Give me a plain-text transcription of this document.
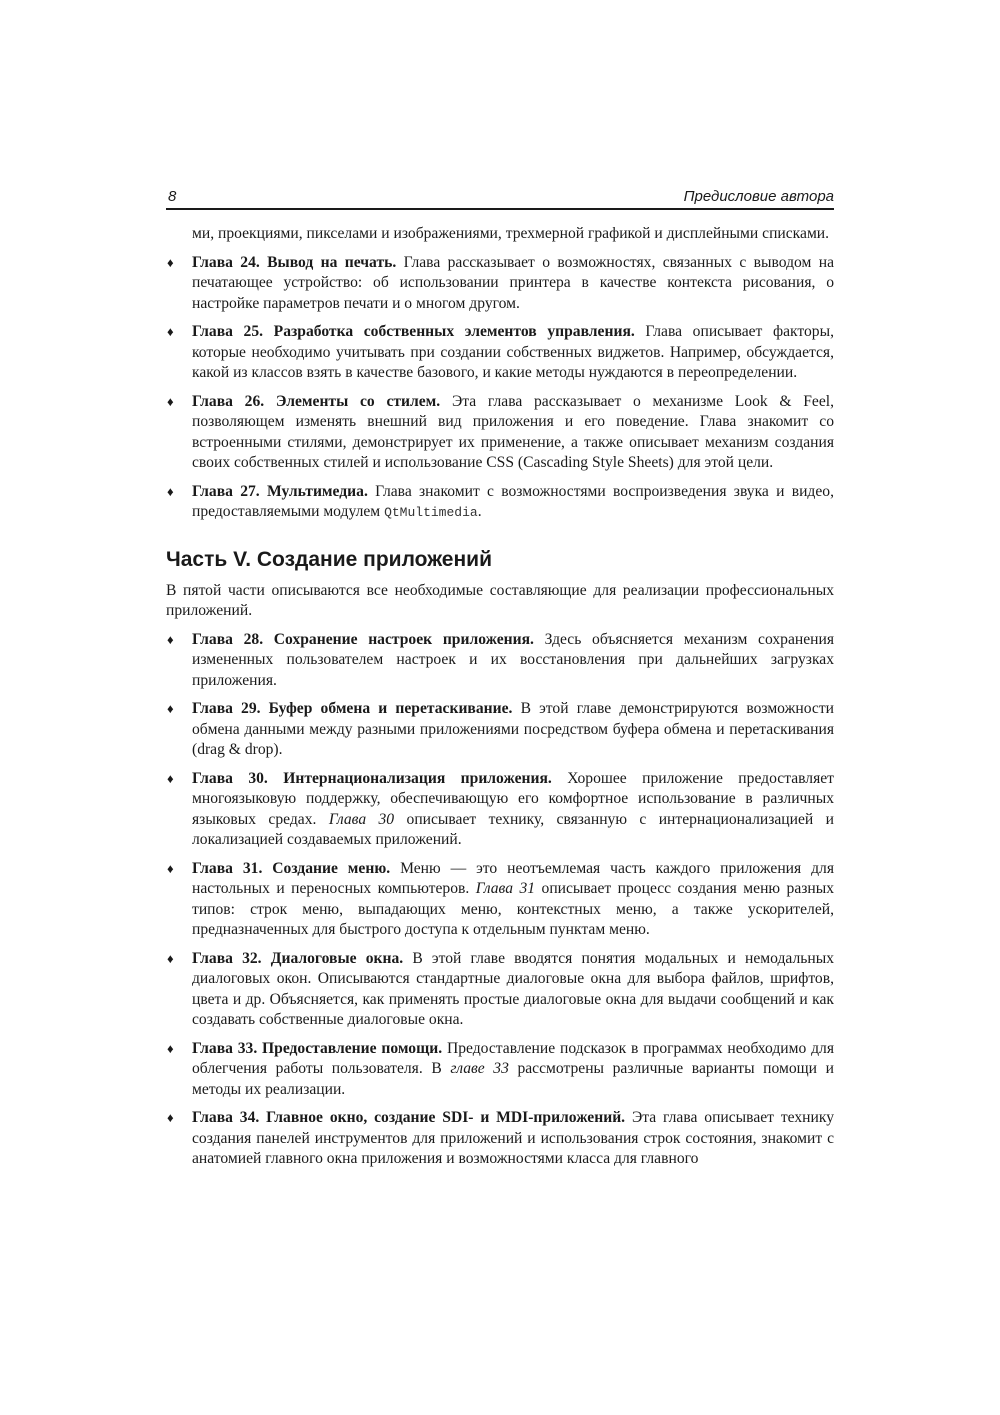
8	Предисловие автора

ми, проекциями, пикселами и изображениями, трехмерной графикой и дисплейными списками.

♦ Глава 24. Вывод на печать. Глава рассказывает о возможностях, связанных с выводом на печатающее устройство: об использовании принтера в качестве контекста рисования, о настройке параметров печати и о многом другом.

♦ Глава 25. Разработка собственных элементов управления. Глава описывает факторы, которые необходимо учитывать при создании собственных виджетов. Например, обсуждается, какой из классов взять в качестве базового, и какие методы нуждаются в переопределении.

♦ Глава 26. Элементы со стилем. Эта глава рассказывает о механизме Look & Feel, позволяющем изменять внешний вид приложения и его поведение. Глава знакомит со встроенными стилями, демонстрирует их применение, а также описывает механизм создания своих собственных стилей и использование CSS (Cascading Style Sheets) для этой цели.

♦ Глава 27. Мультимедиа. Глава знакомит с возможностями воспроизведения звука и видео, предоставляемыми модулем QtMultimedia.

Часть V. Создание приложений

В пятой части описываются все необходимые составляющие для реализации профессиональных приложений.

♦ Глава 28. Сохранение настроек приложения. Здесь объясняется механизм сохранения измененных пользователем настроек и их восстановления при дальнейших загрузках приложения.

♦ Глава 29. Буфер обмена и перетаскивание. В этой главе демонстрируются возможности обмена данными между разными приложениями посредством буфера обмена и перетаскивания (drag & drop).

♦ Глава 30. Интернационализация приложения. Хорошее приложение предоставляет многоязыковую поддержку, обеспечивающую его комфортное использование в различных языковых средах. Глава 30 описывает технику, связанную с интернационализацией и локализацией создаваемых приложений.

♦ Глава 31. Создание меню. Меню — это неотъемлемая часть каждого приложения для настольных и переносных компьютеров. Глава 31 описывает процесс создания меню разных типов: строк меню, выпадающих меню, контекстных меню, а также ускорителей, предназначенных для быстрого доступа к отдельным пунктам меню.

♦ Глава 32. Диалоговые окна. В этой главе вводятся понятия модальных и немодальных диалоговых окон. Описываются стандартные диалоговые окна для выбора файлов, шрифтов, цвета и др. Объясняется, как применять простые диалоговые окна для выдачи сообщений и как создавать собственные диалоговые окна.

♦ Глава 33. Предоставление помощи. Предоставление подсказок в программах необходимо для облегчения работы пользователя. В главе 33 рассмотрены различные варианты помощи и методы их реализации.

♦ Глава 34. Главное окно, создание SDI- и MDI-приложений. Эта глава описывает технику создания панелей инструментов для приложений и использования строк состояния, знакомит с анатомией главного окна приложения и возможностями класса для главного
